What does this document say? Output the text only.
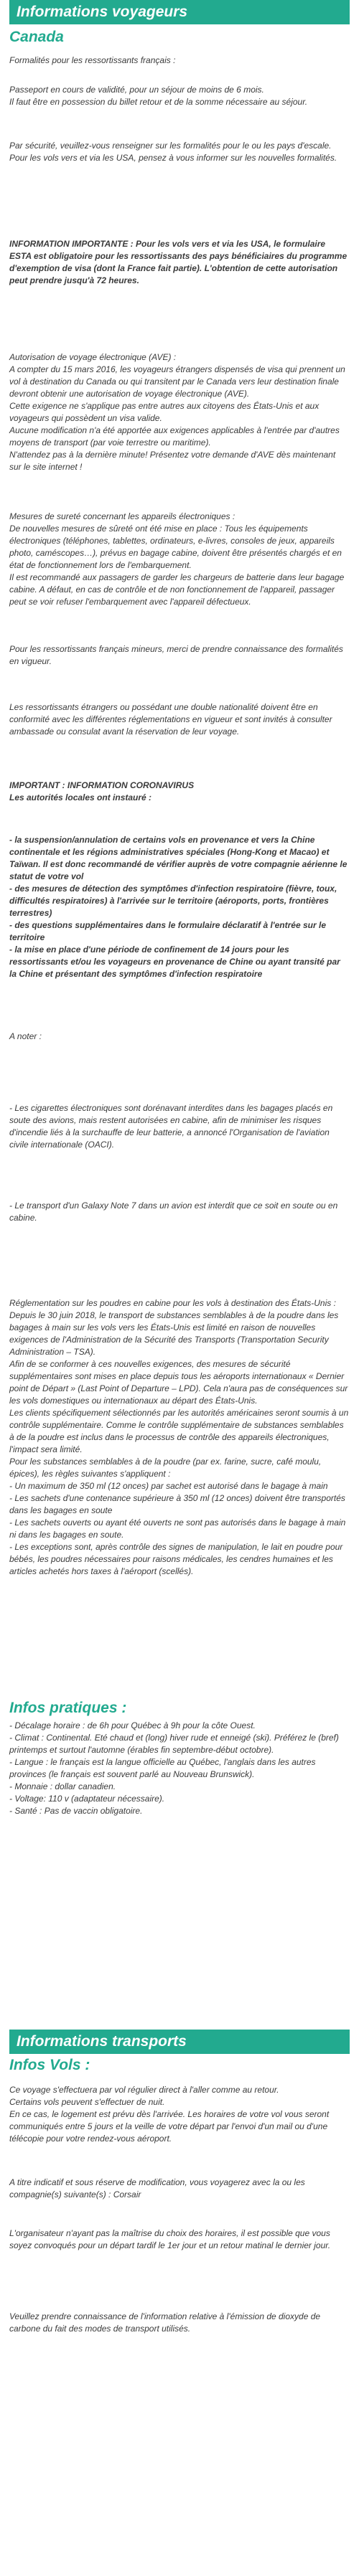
Informations voyageurs
Canada
Formalités pour les ressortissants français :
Passeport en cours de validité, pour un séjour de moins de 6 mois.
Il faut être en possession du billet retour et de la somme nécessaire au séjour.
Par sécurité, veuillez-vous renseigner sur les formalités pour le ou les pays d'escale.
Pour les vols vers et via les USA, pensez à vous informer sur les nouvelles formalités.
INFORMATION IMPORTANTE : Pour les vols vers et via les USA, le formulaire ESTA est obligatoire pour les ressortissants des pays bénéficiaires du programme d'exemption de visa (dont la France fait partie). L'obtention de cette autorisation peut prendre jusqu'à 72 heures.
Autorisation de voyage électronique (AVE) :
A compter du 15 mars 2016, les voyageurs étrangers dispensés de visa qui prennent un vol à destination du Canada ou qui transitent par le Canada vers leur destination finale devront obtenir une autorisation de voyage électronique (AVE).
Cette exigence ne s'applique pas entre autres aux citoyens des États-Unis et aux voyageurs qui possèdent un visa valide.
Aucune modification n'a été apportée aux exigences applicables à l'entrée par d'autres moyens de transport (par voie terrestre ou maritime).
N'attendez pas à la dernière minute! Présentez votre demande d'AVE dès maintenant sur le site internet !
Mesures de sureté concernant les appareils électroniques :
De nouvelles mesures de sûreté ont été mise en place : Tous les équipements électroniques (téléphones, tablettes, ordinateurs, e-livres, consoles de jeux, appareils photo, caméscopes…), prévus en bagage cabine, doivent être présentés chargés et en état de fonctionnement lors de l'embarquement.
Il est recommandé aux passagers de garder les chargeurs de batterie dans leur bagage cabine. A défaut, en cas de contrôle et de non fonctionnement de l'appareil, passager peut se voir refuser l'embarquement avec l'appareil défectueux.
Pour les ressortissants français mineurs, merci de prendre connaissance des formalités en vigueur.
Les ressortissants étrangers ou possédant une double nationalité doivent être en conformité avec les différentes réglementations en vigueur et sont invités à consulter ambassade ou consulat avant la réservation de leur voyage.
IMPORTANT : INFORMATION CORONAVIRUS
Les autorités locales ont instauré :
- la suspension/annulation de certains vols en provenance et vers la Chine continentale et les régions administratives spéciales (Hong-Kong et Macao) et Taïwan. Il est donc recommandé de vérifier auprès de votre compagnie aérienne le statut de votre vol
- des mesures de détection des symptômes d'infection respiratoire (fièvre, toux, difficultés respiratoires) à l'arrivée sur le territoire (aéroports, ports, frontières terrestres)
- des questions supplémentaires dans le formulaire déclaratif à l'entrée sur le territoire
- la mise en place d'une période de confinement de 14 jours pour les ressortissants et/ou les voyageurs en provenance de Chine ou ayant transité par la Chine et présentant des symptômes d'infection respiratoire
A noter :
- Les cigarettes électroniques sont dorénavant interdites dans les bagages placés en soute des avions, mais restent autorisées en cabine, afin de minimiser les risques d'incendie liés à la surchauffe de leur batterie, a annoncé l'Organisation de l'aviation civile internationale (OACI).
- Le transport d'un Galaxy Note 7 dans un avion est interdit que ce soit en soute ou en cabine.
Réglementation sur les poudres en cabine pour les vols à destination des États-Unis :
Depuis le 30 juin 2018, le transport de substances semblables à de la poudre dans les bagages à main sur les vols vers les États-Unis est limité en raison de nouvelles exigences de l'Administration de la Sécurité des Transports (Transportation Security Administration – TSA).
Afin de se conformer à ces nouvelles exigences, des mesures de sécurité supplémentaires sont mises en place depuis tous les aéroports internationaux « Dernier point de Départ » (Last Point of Departure – LPD). Cela n'aura pas de conséquences sur les vols domestiques ou internationaux au départ des États-Unis.
Les clients spécifiquement sélectionnés par les autorités américaines seront soumis à un contrôle supplémentaire. Comme le contrôle supplémentaire de substances semblables à de la poudre est inclus dans le processus de contrôle des appareils électroniques, l'impact sera limité.
Pour les substances semblables à de la poudre (par ex. farine, sucre, café moulu, épices), les règles suivantes s'appliquent :
- Un maximum de 350 ml (12 onces) par sachet est autorisé dans le bagage à main
- Les sachets d'une contenance supérieure à 350 ml (12 onces) doivent être transportés dans les bagages en soute
- Les sachets ouverts ou ayant été ouverts ne sont pas autorisés dans le bagage à main ni dans les bagages en soute.
- Les exceptions sont, après contrôle des signes de manipulation, le lait en poudre pour bébés, les poudres nécessaires pour raisons médicales, les cendres humaines et les articles achetés hors taxes à l'aéroport (scellés).
Infos pratiques :
- Décalage horaire : de 6h pour Québec à 9h pour la côte Ouest.
- Climat : Continental. Eté chaud et (long) hiver rude et enneigé (ski). Préférez le (bref) printemps et surtout l'automne (érables fin septembre-début octobre).
- Langue : le français est la langue officielle au Québec, l'anglais dans les autres provinces (le français est souvent parlé au Nouveau Brunswick).
- Monnaie : dollar canadien.
- Voltage: 110 v (adaptateur nécessaire).
- Santé : Pas de vaccin obligatoire.
Informations transports
Infos Vols :
Ce voyage s'effectuera par vol régulier direct à l'aller comme au retour.
Certains vols peuvent s'effectuer de nuit.
En ce cas, le logement est prévu dès l'arrivée. Les horaires de votre vol vous seront communiqués entre 5 jours et la veille de votre départ par l'envoi d'un mail ou d'une télécopie pour votre rendez-vous aéroport.
A titre indicatif et sous réserve de modification, vous voyagerez avec la ou les compagnie(s) suivante(s) : Corsair
L'organisateur n'ayant pas la maîtrise du choix des horaires, il est possible que vous soyez convoqués pour un départ tardif le 1er jour et un retour matinal le dernier jour.
Veuillez prendre connaissance de l'information relative à l'émission de dioxyde de carbone du fait des modes de transport utilisés.
